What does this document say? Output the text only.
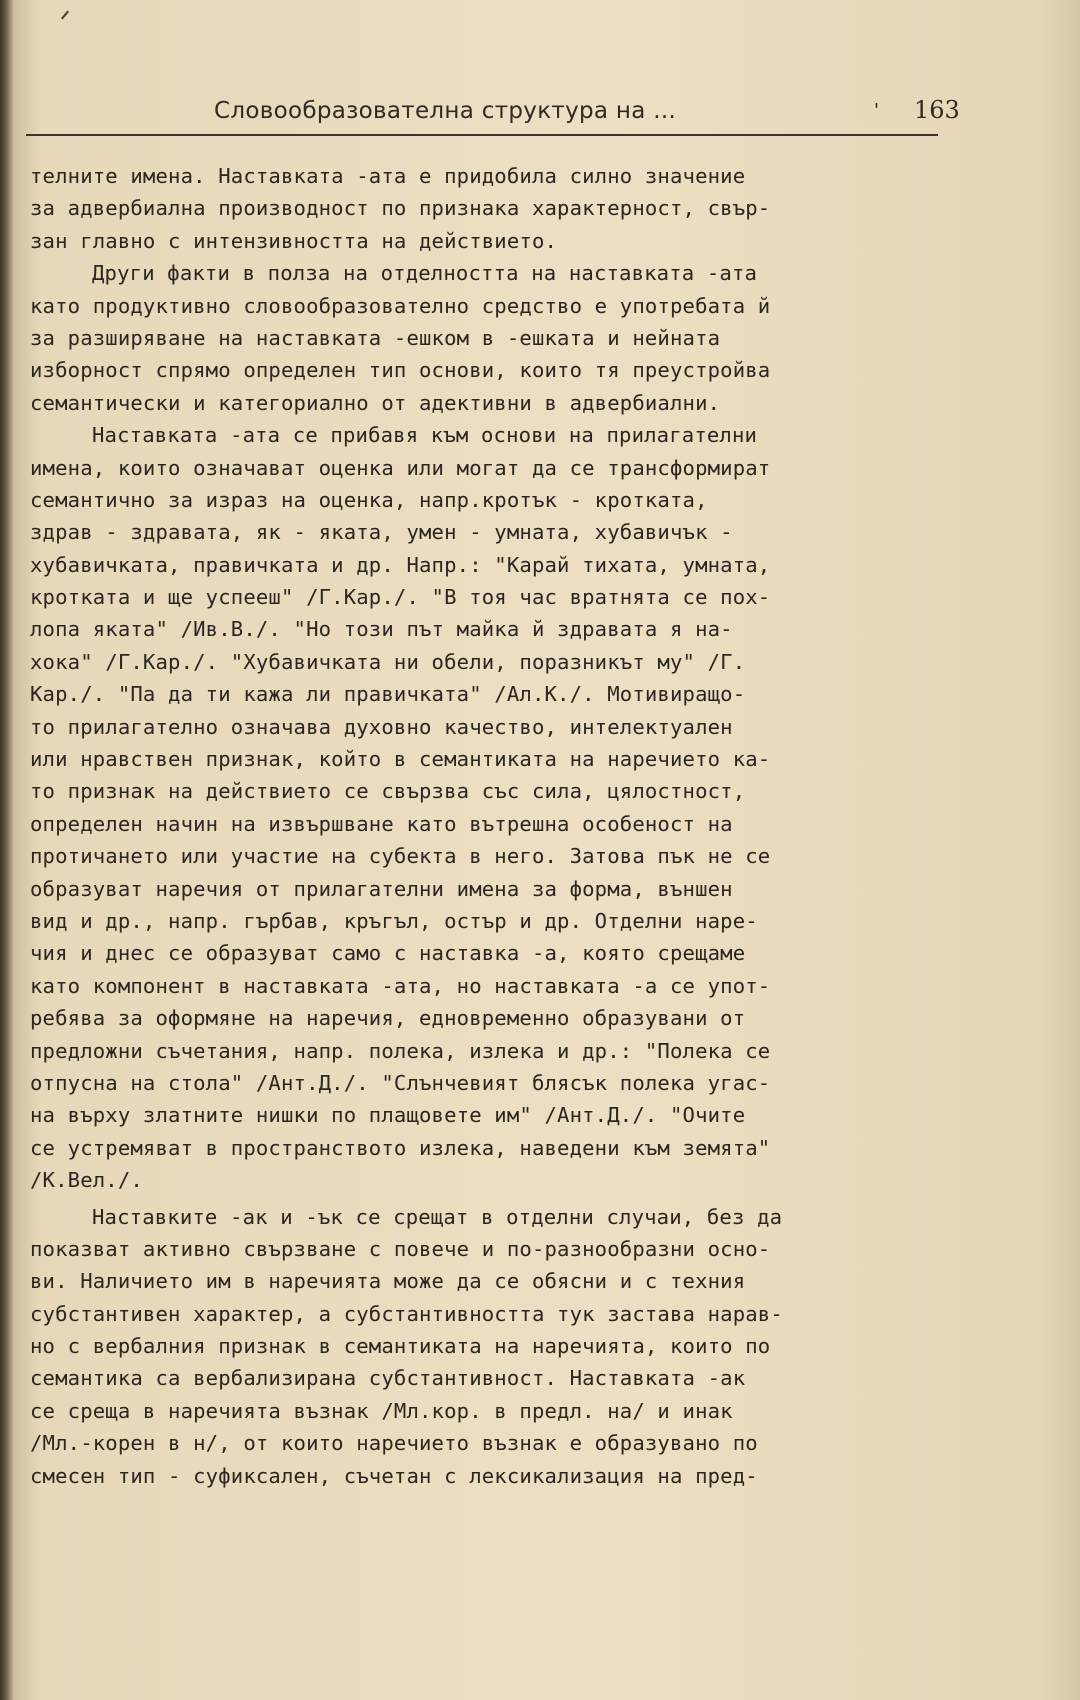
Словообразователна структура на ...	' 163
телните имена. Наставката -ата е придобила силно значение
за адвербиална производност по признака характерност, свър-
зан главно с интензивността на действието.
Други факти в полза на отделността на наставката -ата
като продуктивно словообразователно средство е употребата й
за разширяване на наставката -ешком в -ешката и нейната
изборност спрямо определен тип основи, които тя преустройва
семантически и категориално от адективни в адвербиални.
Наставката -ата се прибавя към основи на прилагателни
имена, които означават оценка или могат да се трансформират
семантично за израз на оценка, напр.кротък - кротката,
здрав - здравата, як - яката, умен - умната, хубавичък -
хубавичката, правичката и др. Напр.: "Карай тихата, умната,
кротката и ще успееш" /Г.Кар./. "В тоя час вратнята се пох-
лопа яката" /Ив.В./. "Но този път майка й здравата я на-
хока" /Г.Кар./. "Хубавичката ни обели, поразникът му" /Г.
Кар./. "Па да ти кажа ли правичката" /Ал.К./. Мотивиращо-
то прилагателно означава духовно качество, интелектуален
или нравствен признак, който в семантиката на наречието ка-
то признак на действието се свързва със сила, цялостност,
определен начин на извършване като вътрешна особеност на
протичането или участие на субекта в него. Затова пък не се
образуват наречия от прилагателни имена за форма, външен
вид и др., напр. гърбав, кръгъл, остър и др. Отделни наре-
чия и днес се образуват само с наставка -а, която срещаме
като компонент в наставката -ата, но наставката -а се упот-
ребява за оформяне на наречия, едновременно образувани от
предложни съчетания, напр. полека, излека и др.: "Полека се
отпусна на стола" /Ант.Д./. "Слънчевият блясък полека угас-
на върху златните нишки по плащовете им" /Ант.Д./. "Очите
се устремяват в пространството излека, наведени към земята"
/К.Вел./.
Наставките -ак и -ък се срещат в отделни случаи, без да
показват активно свързване с повече и по-разнообразни осно-
ви. Наличието им в наречията може да се обясни и с техния
субстантивен характер, а субстантивността тук застава нарав-
но с вербалния признак в семантиката на наречията, които по
семантика са вербализирана субстантивност. Наставката -ак
се среща в наречията възнак /Мл.кор. в предл. на/ и инак
/Мл.-корен в н/, от които наречието възнак е образувано по
смесен тип - суфиксален, съчетан с лексикализация на пред-
